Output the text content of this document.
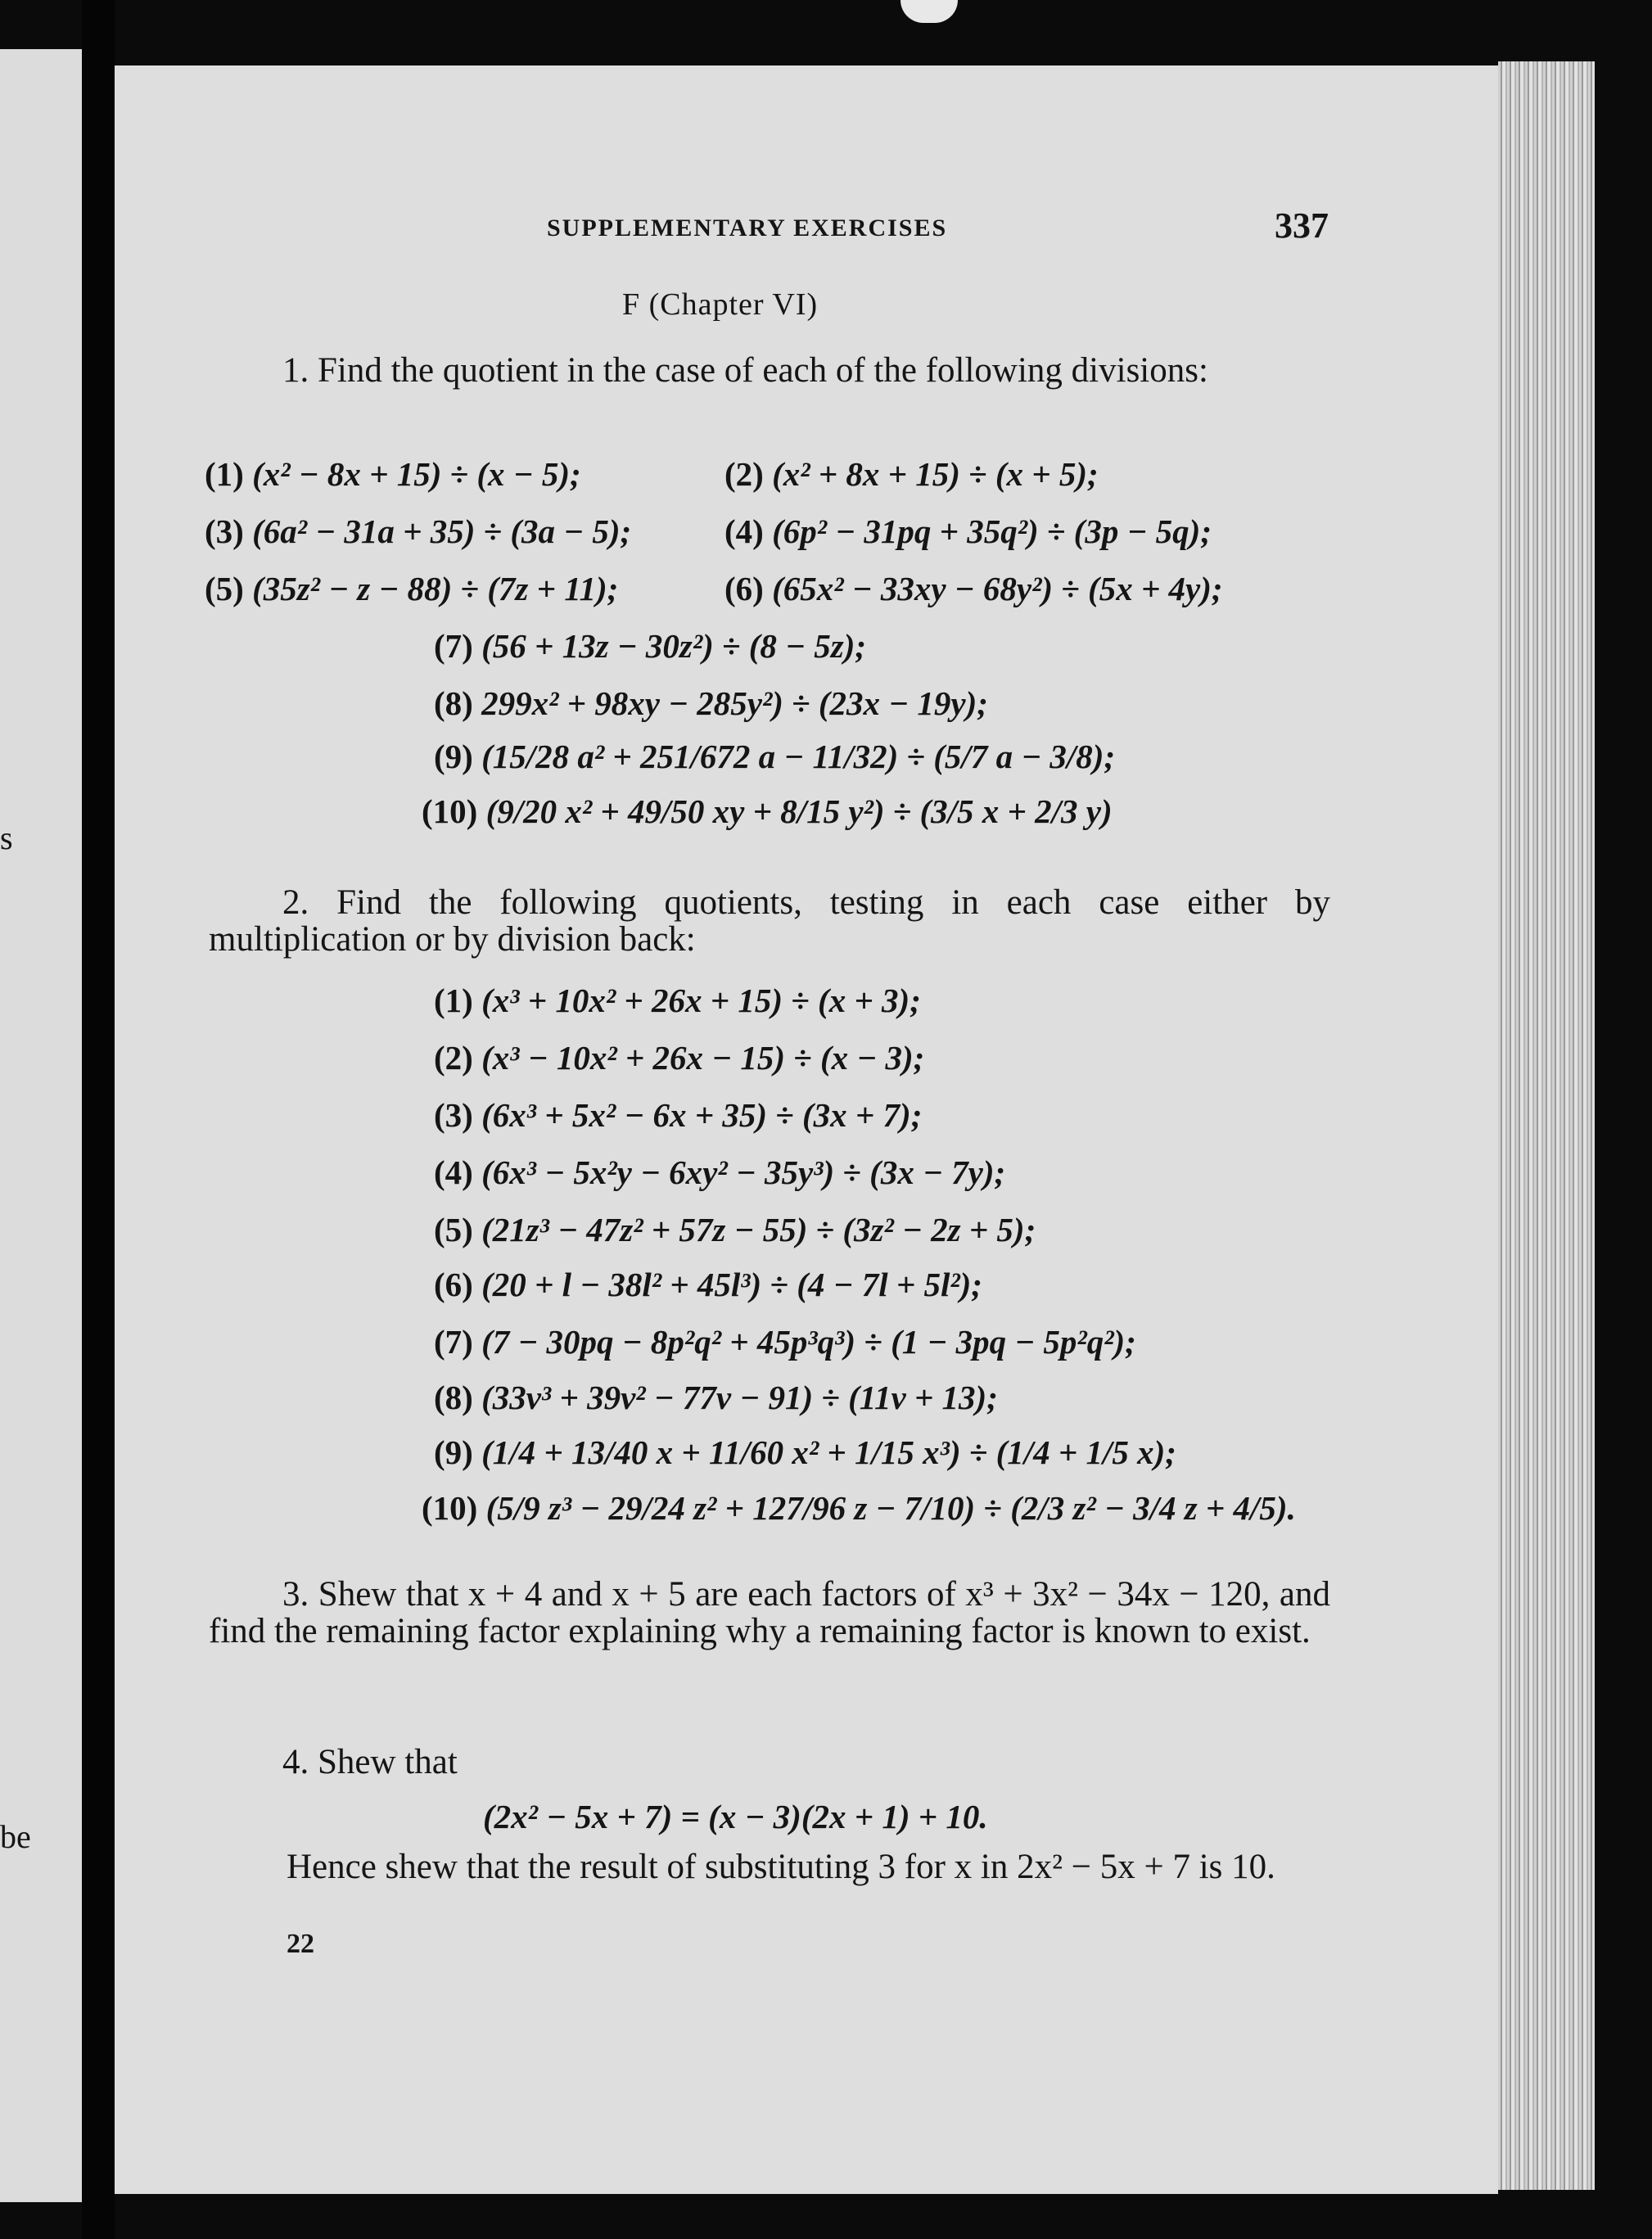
s
be
SUPPLEMENTARY EXERCISES	337
F (Chapter VI)
1. Find the quotient in the case of each of the following divisions:
(1) (x² − 8x + 15) ÷ (x − 5);	(2) (x² + 8x + 15) ÷ (x + 5);
(3) (6a² − 31a + 35) ÷ (3a − 5);	(4) (6p² − 31pq + 35q²) ÷ (3p − 5q);
(5) (35z² − z − 88) ÷ (7z + 11);	(6) (65x² − 33xy − 68y²) ÷ (5x + 4y);
(7) (56 + 13z − 30z²) ÷ (8 − 5z);
(8) 299x² + 98xy − 285y²) ÷ (23x − 19y);
(9) (15/28 a² + 251/672 a − 11/32) ÷ (5/7 a − 3/8);
(10) (9/20 x² + 49/50 xy + 8/15 y²) ÷ (3/5 x + 2/3 y)
2. Find the following quotients, testing in each case either by multiplication or by division back:
(1) (x³ + 10x² + 26x + 15) ÷ (x + 3);
(2) (x³ − 10x² + 26x − 15) ÷ (x − 3);
(3) (6x³ + 5x² − 6x + 35) ÷ (3x + 7);
(4) (6x³ − 5x²y − 6xy² − 35y³) ÷ (3x − 7y);
(5) (21z³ − 47z² + 57z − 55) ÷ (3z² − 2z + 5);
(6) (20 + l − 38l² + 45l³) ÷ (4 − 7l + 5l²);
(7) (7 − 30pq − 8p²q² + 45p³q³) ÷ (1 − 3pq − 5p²q²);
(8) (33v³ + 39v² − 77v − 91) ÷ (11v + 13);
(9) (1/4 + 13/40 x + 11/60 x² + 1/15 x³) ÷ (1/4 + 1/5 x);
(10) (5/9 z³ − 29/24 z² + 127/96 z − 7/10) ÷ (2/3 z² − 3/4 z + 4/5).
3. Shew that x + 4 and x + 5 are each factors of x³ + 3x² − 34x − 120, and find the remaining factor explaining why a remaining factor is known to exist.
4. Shew that
(2x² − 5x + 7) = (x − 3)(2x + 1) + 10.
Hence shew that the result of substituting 3 for x in 2x² − 5x + 7 is 10.
22
